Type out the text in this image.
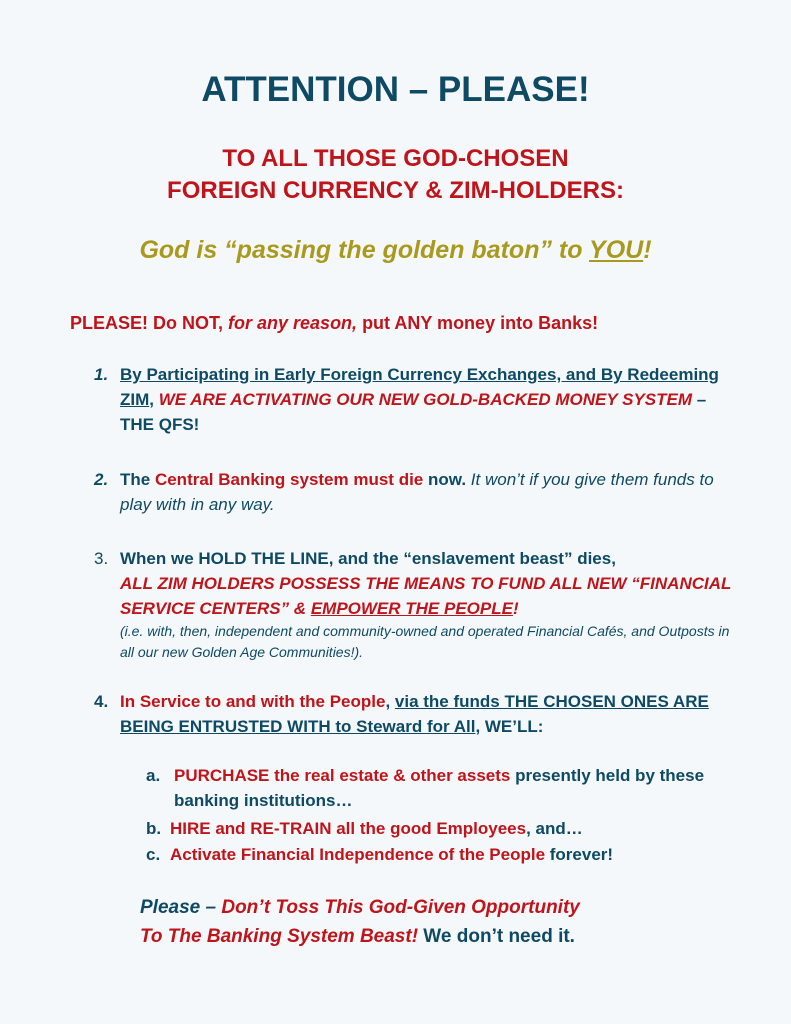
ATTENTION – PLEASE!
TO ALL THOSE GOD-CHOSEN
FOREIGN CURRENCY & ZIM-HOLDERS:
God is “passing the golden baton” to YOU!
PLEASE! Do NOT, for any reason, put ANY money into Banks!
1. By Participating in Early Foreign Currency Exchanges, and By Redeeming ZIM, WE ARE ACTIVATING OUR NEW GOLD-BACKED MONEY SYSTEM – THE QFS!
2. The Central Banking system must die now. It won’t if you give them funds to play with in any way.
3. When we HOLD THE LINE, and the “enslavement beast” dies,
ALL ZIM HOLDERS POSSESS THE MEANS TO FUND ALL NEW “FINANCIAL SERVICE CENTERS” & EMPOWER THE PEOPLE!
(i.e. with, then, independent and community-owned and operated Financial Cafés, and Outposts in all our new Golden Age Communities!).
4. In Service to and with the People, via the funds THE CHOSEN ONES ARE BEING ENTRUSTED WITH to Steward for All, WE’LL:
a. PURCHASE the real estate & other assets presently held by these banking institutions…
b. HIRE and RE-TRAIN all the good Employees, and…
c. Activate Financial Independence of the People forever!
Please – Don’t Toss This God-Given Opportunity
To The Banking System Beast! We don’t need it.
